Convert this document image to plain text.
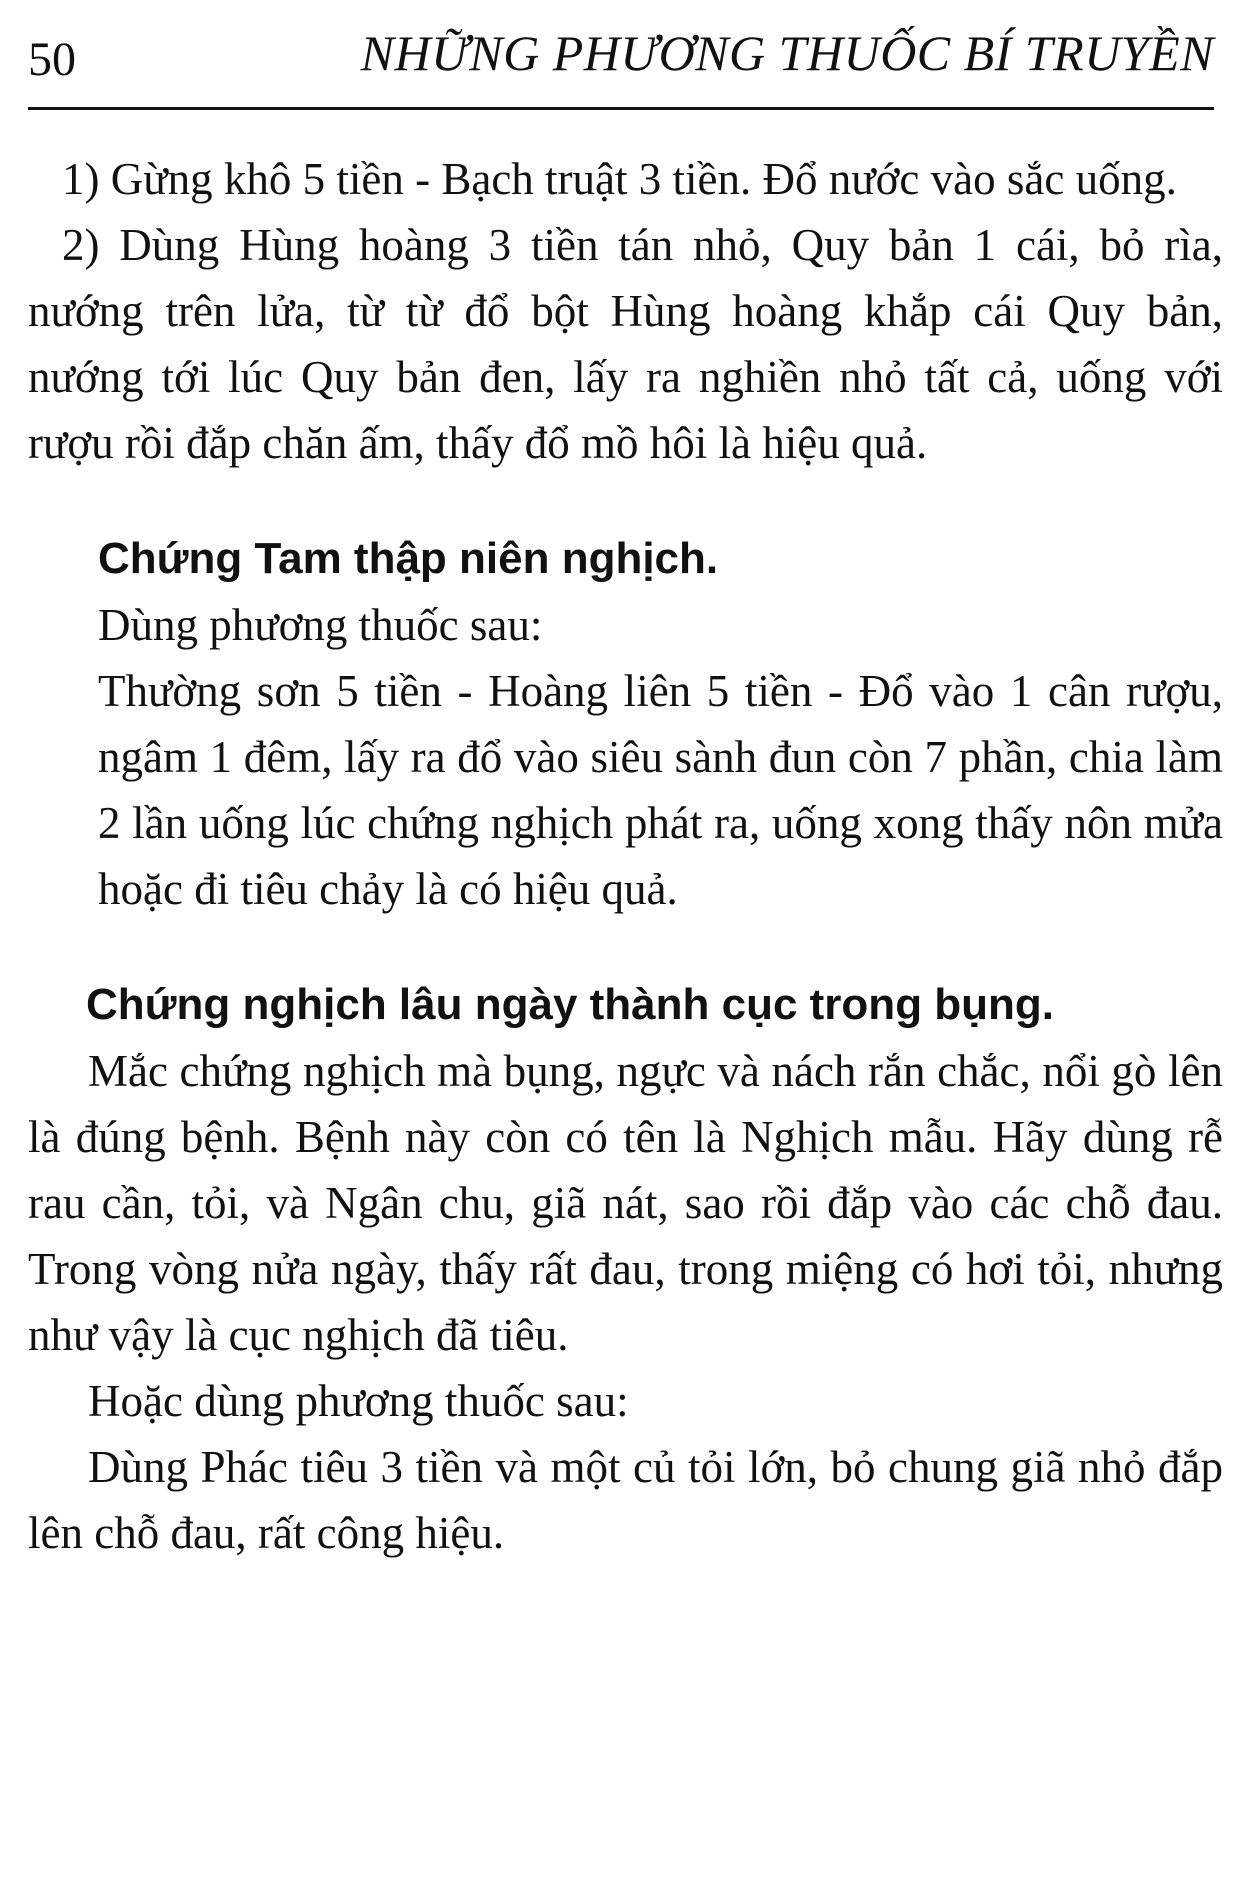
50	NHỮNG PHƯƠNG THUỐC BÍ TRUYỀN

1) Gừng khô 5 tiền - Bạch truật 3 tiền. Đổ nước vào sắc uống.

2) Dùng Hùng hoàng 3 tiền tán nhỏ, Quy bản 1 cái, bỏ rìa, nướng trên lửa, từ từ đổ bột Hùng hoàng khắp cái Quy bản, nướng tới lúc Quy bản đen, lấy ra nghiền nhỏ tất cả, uống với rượu rồi đắp chăn ấm, thấy đổ mồ hôi là hiệu quả.

Chứng Tam thập niên nghịch.

Dùng phương thuốc sau:

Thường sơn 5 tiền - Hoàng liên 5 tiền - Đổ vào 1 cân rượu, ngâm 1 đêm, lấy ra đổ vào siêu sành đun còn 7 phần, chia làm 2 lần uống lúc chứng nghịch phát ra, uống xong thấy nôn mửa hoặc đi tiêu chảy là có hiệu quả.

Chứng nghịch lâu ngày thành cục trong bụng.

Mắc chứng nghịch mà bụng, ngực và nách rắn chắc, nổi gò lên là đúng bệnh. Bệnh này còn có tên là Nghịch mẫu. Hãy dùng rễ rau cần, tỏi, và Ngân chu, giã nát, sao rồi đắp vào các chỗ đau. Trong vòng nửa ngày, thấy rất đau, trong miệng có hơi tỏi, nhưng như vậy là cục nghịch đã tiêu.

Hoặc dùng phương thuốc sau:

Dùng Phác tiêu 3 tiền và một củ tỏi lớn, bỏ chung giã nhỏ đắp lên chỗ đau, rất công hiệu.
